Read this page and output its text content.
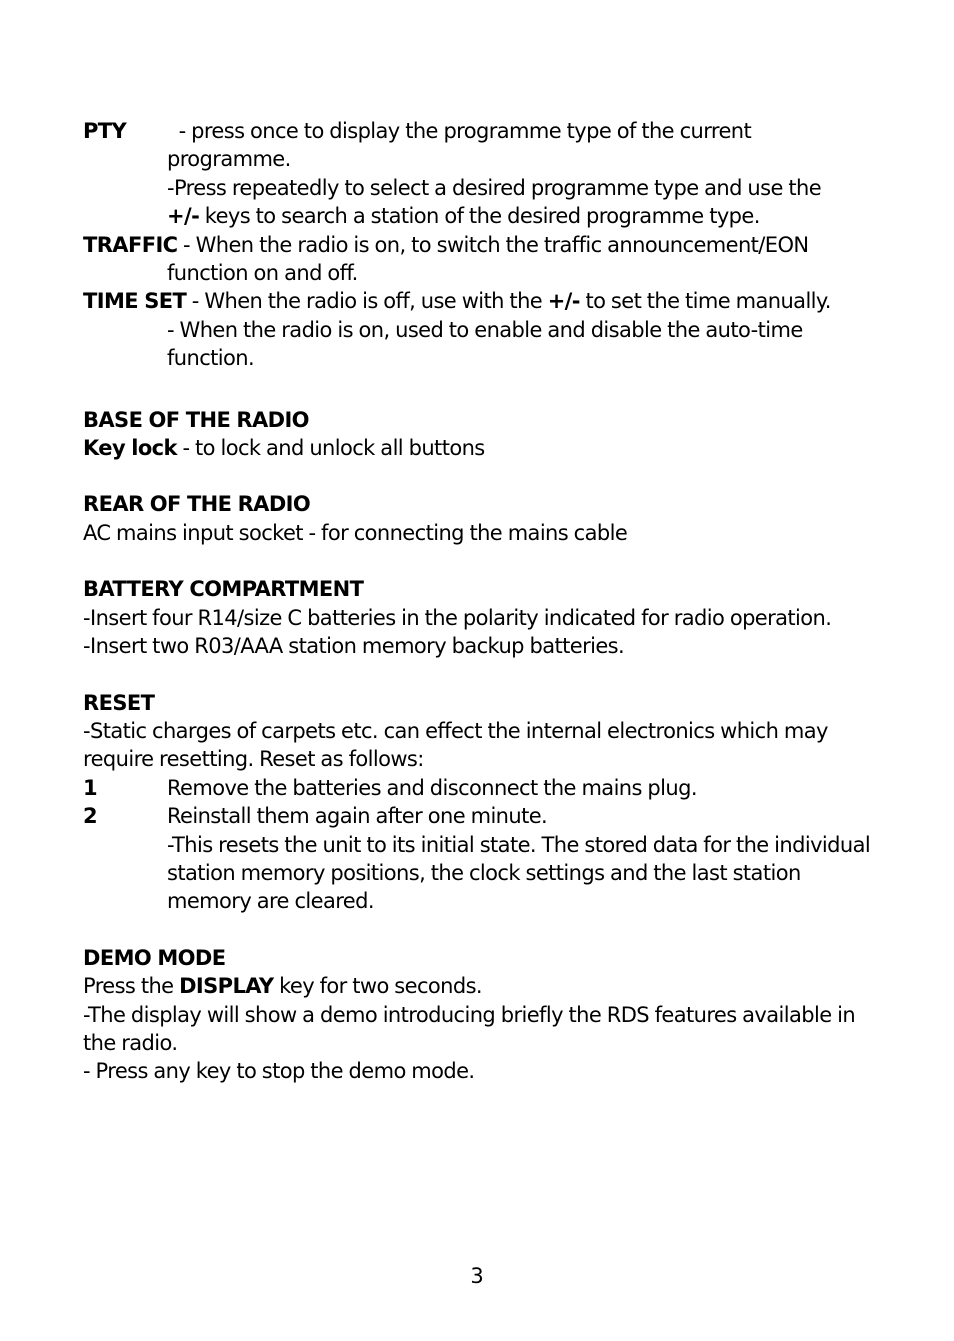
PTY - press once to display the programme type of the current
programme.
-Press repeatedly to select a desired programme type and use the
+/- keys to search a station of the desired programme type.
TRAFFIC - When the radio is on, to switch the traffic announcement/EON function on and off.
TIME SET - When the radio is off, use with the +/- to set the time manually.
- When the radio is on, used to enable and disable the auto-time
function.
BASE OF THE RADIO
Key lock - to lock and unlock all buttons
REAR OF THE RADIO
AC mains input socket - for connecting the mains cable
BATTERY COMPARTMENT
-Insert four R14/size C batteries in the polarity indicated for radio operation.
-Insert two R03/AAA station memory backup batteries.
RESET
-Static charges of carpets etc. can effect the internal electronics which may require resetting. Reset as follows:
1	Remove the batteries and disconnect the mains plug.
2	Reinstall them again after one minute.
-This resets the unit to its initial state. The stored data for the individual station memory positions, the clock settings and the last station memory are cleared.
DEMO MODE
Press the DISPLAY key for two seconds.
-The display will show a demo introducing briefly the RDS features available in the radio.
- Press any key to stop the demo mode.
3
